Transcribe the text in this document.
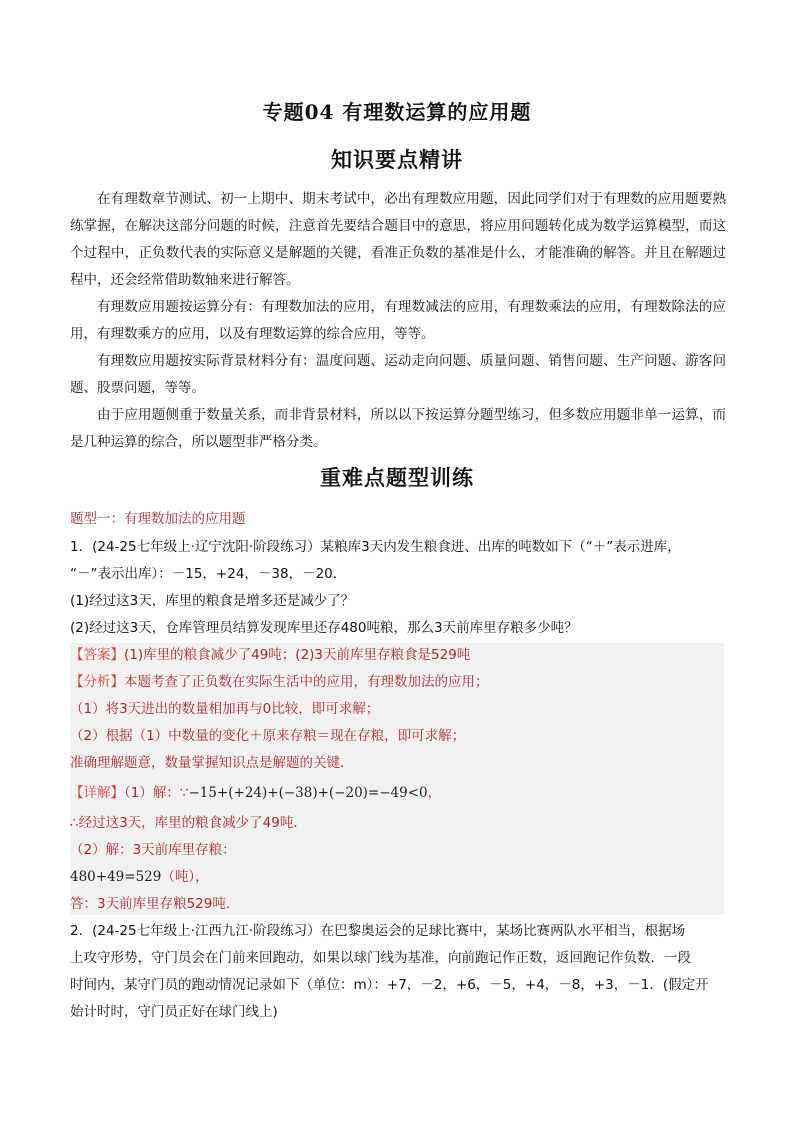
专题04 有理数运算的应用题
知识要点精讲

在有理数章节测试、初一上期中、期末考试中，必出有理数应用题，因此同学们对于有理数的应用题要熟练掌握，在解决这部分问题的时候，注意首先要结合题目中的意思，将应用问题转化成为数学运算模型，而这个过程中，正负数代表的实际意义是解题的关键，看准正负数的基准是什么，才能准确的解答。并且在解题过程中，还会经常借助数轴来进行解答。

有理数应用题按运算分有：有理数加法的应用，有理数减法的应用，有理数乘法的应用，有理数除法的应用，有理数乘方的应用，以及有理数运算的综合应用，等等。

有理数应用题按实际背景材料分有：温度问题、运动走向问题、质量问题、销售问题、生产问题、游客问题、股票问题，等等。

由于应用题侧重于数量关系，而非背景材料，所以以下按运算分题型练习，但多数应用题非单一运算，而是几种运算的综合，所以题型非严格分类。

重难点题型训练

题型一：有理数加法的应用题

1．(24-25七年级上·辽宁沈阳·阶段练习）某粮库3天内发生粮食进、出库的吨数如下（“＋”表示进库，

“－”表示出库）：－15，+24，－38，－20．

(1)经过这3天，库里的粮食是增多还是减少了？

(2)经过这3天，仓库管理员结算发现库里还存480吨粮，那么3天前库里存粮多少吨？

【答案】(1)库里的粮食减少了49吨；(2)3天前库里存粮食是529吨

【分析】本题考查了正负数在实际生活中的应用，有理数加法的应用；

（1）将3天进出的数量相加再与0比较，即可求解；

（2）根据（1）中数量的变化＋原来存粮＝现在存粮，即可求解；

准确理解题意，数量掌握知识点是解题的关键．

【详解】（1）解：∵−15+(+24)+(−38)+(−20)=−49<0，

∴经过这3天，库里的粮食减少了49吨．

（2）解：3天前库里存粮：

480+49=529（吨），

答：3天前库里存粮529吨．

2．(24-25七年级上·江西九江·阶段练习）在巴黎奥运会的足球比赛中，某场比赛两队水平相当，根据场

上攻守形势，守门员会在门前来回跑动，如果以球门线为基准，向前跑记作正数，返回跑记作负数．一段

时间内，某守门员的跑动情况记录如下（单位：m）：+7，－2，+6，－5，+4，－8，+3，－1．(假定开

始计时时，守门员正好在球门线上)
